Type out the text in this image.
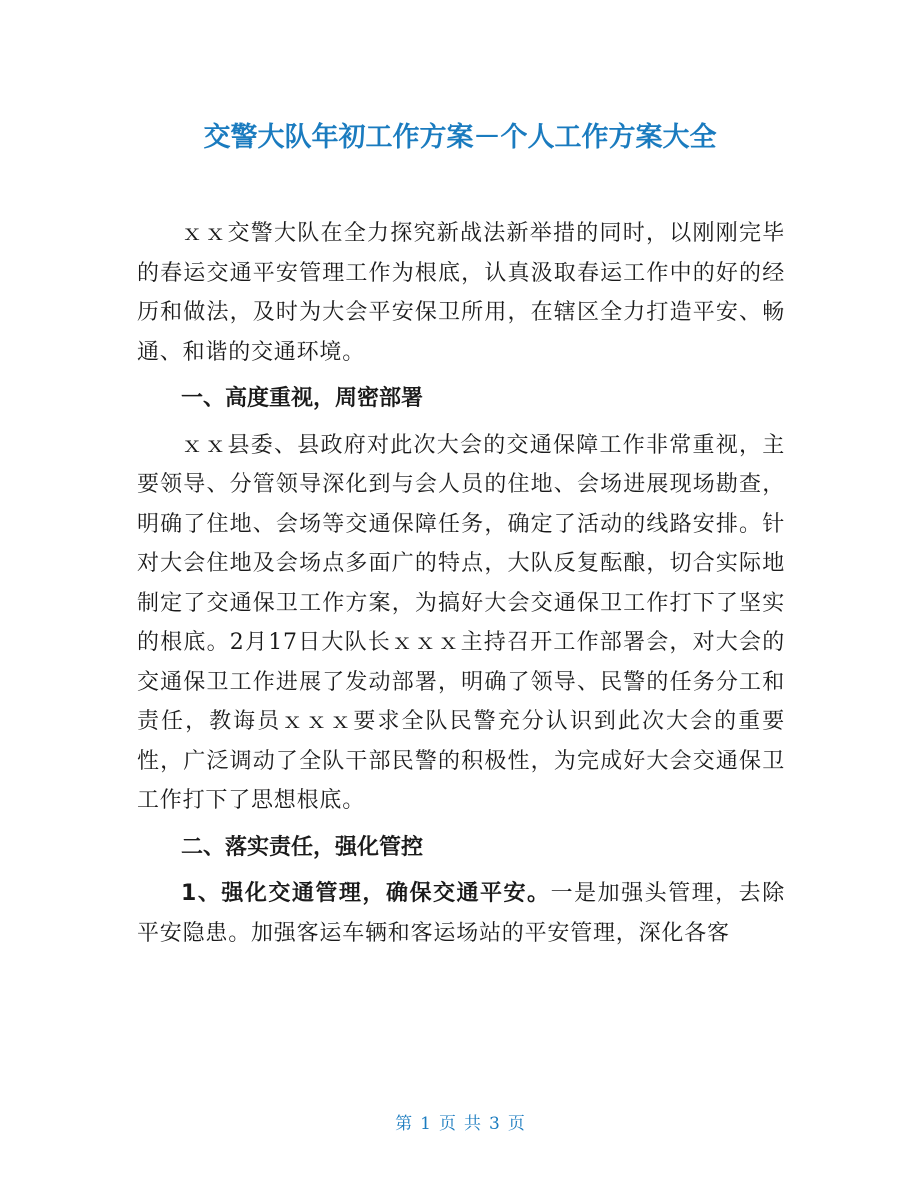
交警大队年初工作方案－个人工作方案大全

ｘｘ交警大队在全力探究新战法新举措的同时，以刚刚完毕的春运交通平安管理工作为根底，认真汲取春运工作中的好的经历和做法，及时为大会平安保卫所用，在辖区全力打造平安、畅通、和谐的交通环境。

一、高度重视，周密部署

ｘｘ县委、县政府对此次大会的交通保障工作非常重视，主要领导、分管领导深化到与会人员的住地、会场进展现场勘查，明确了住地、会场等交通保障任务，确定了活动的线路安排。针对大会住地及会场点多面广的特点，大队反复酝酿，切合实际地制定了交通保卫工作方案，为搞好大会交通保卫工作打下了坚实的根底。2月17日大队长ｘｘｘ主持召开工作部署会，对大会的交通保卫工作进展了发动部署，明确了领导、民警的任务分工和责任，教诲员ｘｘｘ要求全队民警充分认识到此次大会的重要性，广泛调动了全队干部民警的积极性，为完成好大会交通保卫工作打下了思想根底。

二、落实责任，强化管控

1、强化交通管理，确保交通平安。一是加强头管理，去除平安隐患。加强客运车辆和客运场站的平安管理，深化各客

第 1 页 共 3 页
